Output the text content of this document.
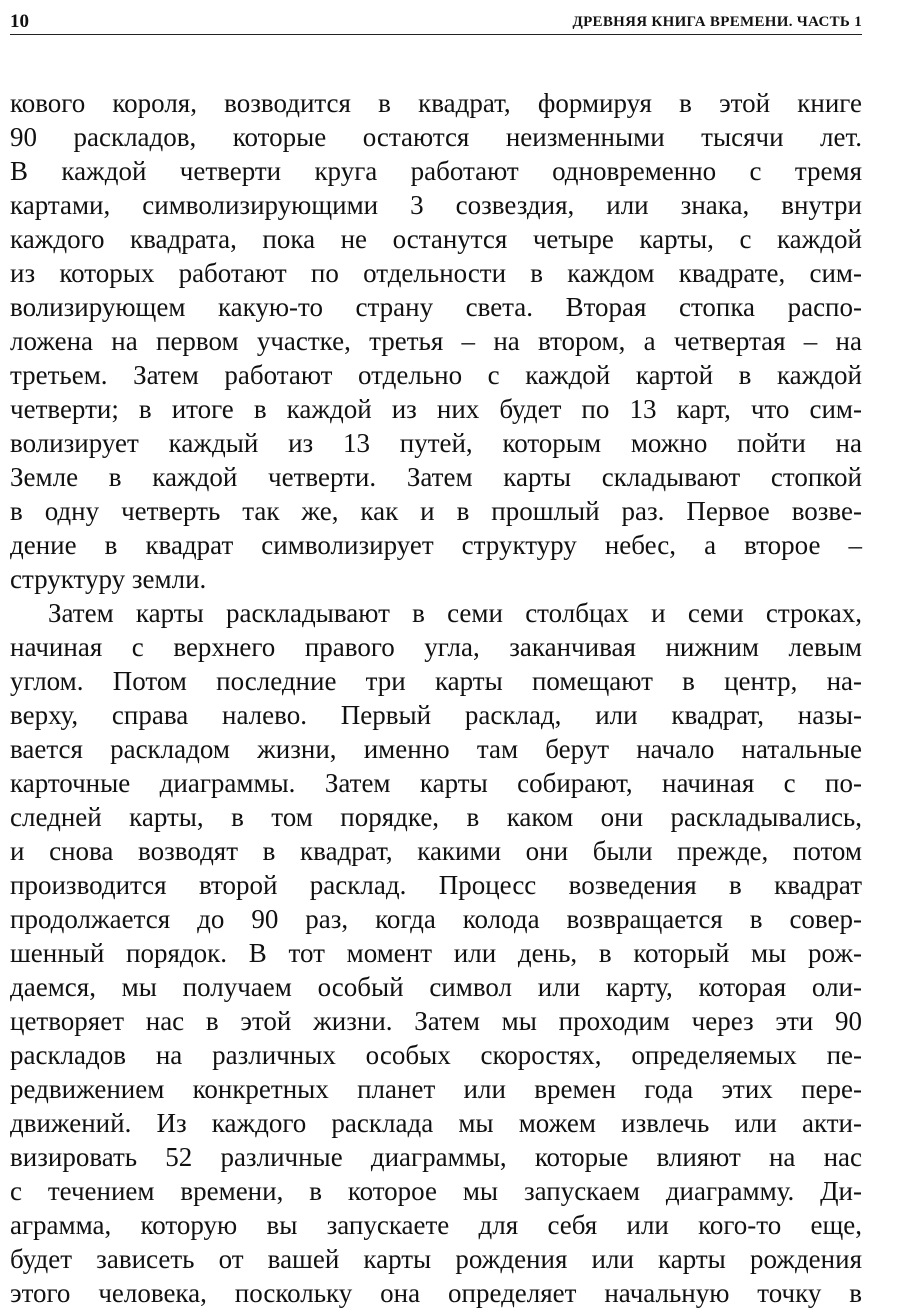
10	ДРЕВНЯЯ КНИГА ВРЕМЕНИ. ЧАСТЬ 1
кового короля, возводится в квадрат, формируя в этой книге
90 раскладов, которые остаются неизменными тысячи лет.
В каждой четверти круга работают одновременно с тремя
картами, символизирующими 3 созвездия, или знака, внутри
каждого квадрата, пока не останутся четыре карты, с каждой
из которых работают по отдельности в каждом квадрате, сим-
волизирующем какую-то страну света. Вторая стопка распо-
ложена на первом участке, третья – на втором, а четвертая – на
третьем. Затем работают отдельно с каждой картой в каждой
четверти; в итоге в каждой из них будет по 13 карт, что сим-
волизирует каждый из 13 путей, которым можно пойти на
Земле в каждой четверти. Затем карты складывают стопкой
в одну четверть так же, как и в прошлый раз. Первое возве-
дение в квадрат символизирует структуру небес, а второе –
структуру земли.
Затем карты раскладывают в семи столбцах и семи строках,
начиная с верхнего правого угла, заканчивая нижним левым
углом. Потом последние три карты помещают в центр, на-
верху, справа налево. Первый расклад, или квадрат, назы-
вается раскладом жизни, именно там берут начало натальные
карточные диаграммы. Затем карты собирают, начиная с по-
следней карты, в том порядке, в каком они раскладывались,
и снова возводят в квадрат, какими они были прежде, потом
производится второй расклад. Процесс возведения в квадрат
продолжается до 90 раз, когда колода возвращается в совер-
шенный порядок. В тот момент или день, в который мы рож-
даемся, мы получаем особый символ или карту, которая оли-
цетворяет нас в этой жизни. Затем мы проходим через эти 90
раскладов на различных особых скоростях, определяемых пе-
редвижением конкретных планет или времен года этих пере-
движений. Из каждого расклада мы можем извлечь или акти-
визировать 52 различные диаграммы, которые влияют на нас
с течением времени, в которое мы запускаем диаграмму. Ди-
аграмма, которую вы запускаете для себя или кого-то еще,
будет зависеть от вашей карты рождения или карты рождения
этого человека, поскольку она определяет начальную точку в
